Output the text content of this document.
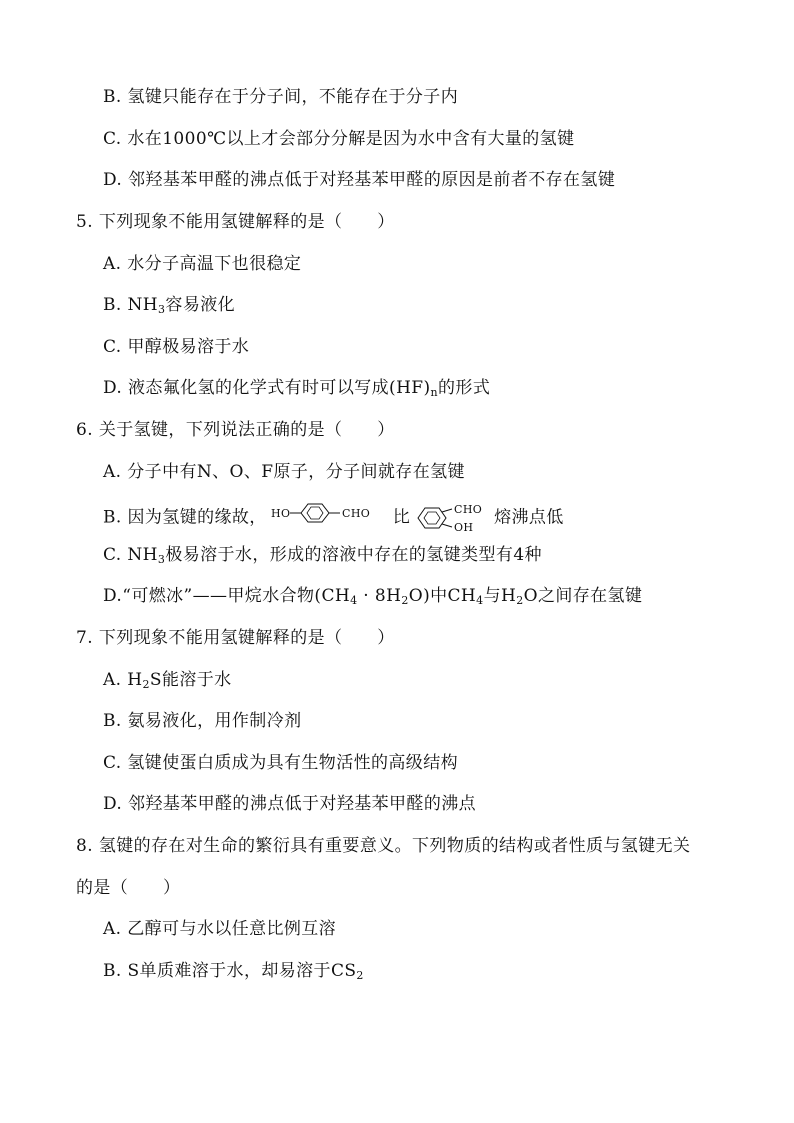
B. 氢键只能存在于分子间，不能存在于分子内
C. 水在1000℃以上才会部分分解是因为水中含有大量的氢键
D. 邻羟基苯甲醛的沸点低于对羟基苯甲醛的原因是前者不存在氢键
5. 下列现象不能用氢键解释的是（　　）
A. 水分子高温下也很稳定
B. $NH_3$容易液化
C. 甲醇极易溶于水
D. 液态氟化氢的化学式有时可以写成$(HF)_n$的形式
6. 关于氢键，下列说法正确的是（　　）
A. 分子中有N、O、F原子，分子间就存在氢键
B. 因为氢键的缘故， HO	CHO 比	CHO
OH 熔沸点低
C. $NH_3$极易溶于水，形成的溶液中存在的氢键类型有4种
D.“可燃冰”——甲烷水合物$(CH_4 \cdot 8H_2O)$中$CH_4$与$H_2O$之间存在氢键
7. 下列现象不能用氢键解释的是（　　）
A. $H_2S$能溶于水
B. 氨易液化，用作制冷剂
C. 氢键使蛋白质成为具有生物活性的高级结构
D. 邻羟基苯甲醛的沸点低于对羟基苯甲醛的沸点
8. 氢键的存在对生命的繁衍具有重要意义。下列物质的结构或者性质与氢键无关
的是（　　）
A. 乙醇可与水以任意比例互溶
B. S单质难溶于水，却易溶于$CS_2$
